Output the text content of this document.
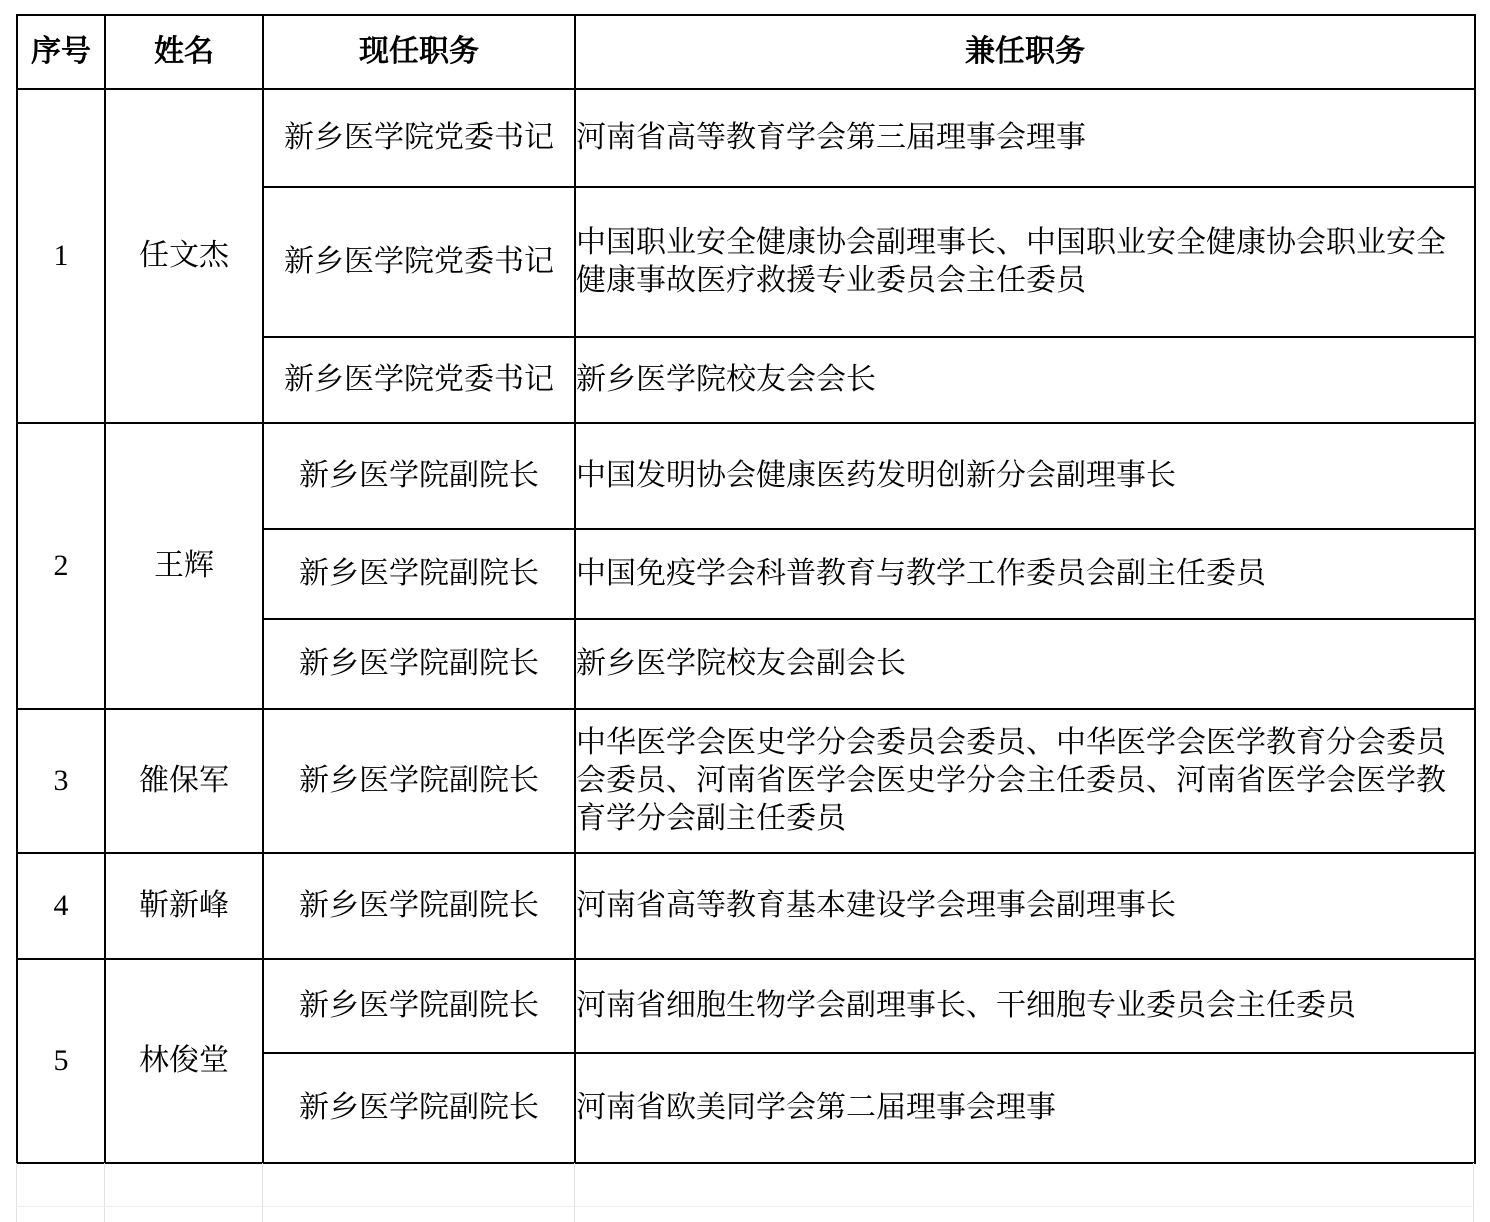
序号	姓名	现任职务	兼任职务
1	任文杰	新乡医学院党委书记	河南省高等教育学会第三届理事会理事
		新乡医学院党委书记	中国职业安全健康协会副理事长、中国职业安全健康协会职业安全健康事故医疗救援专业委员会主任委员
		新乡医学院党委书记	新乡医学院校友会会长
2	王辉	新乡医学院副院长	中国发明协会健康医药发明创新分会副理事长
		新乡医学院副院长	中国免疫学会科普教育与教学工作委员会副主任委员
		新乡医学院副院长	新乡医学院校友会副会长
3	雒保军	新乡医学院副院长	中华医学会医史学分会委员会委员、中华医学会医学教育分会委员会委员、河南省医学会医史学分会主任委员、河南省医学会医学教育学分会副主任委员
4	靳新峰	新乡医学院副院长	河南省高等教育基本建设学会理事会副理事长
5	林俊堂	新乡医学院副院长	河南省细胞生物学会副理事长、干细胞专业委员会主任委员
		新乡医学院副院长	河南省欧美同学会第二届理事会理事
